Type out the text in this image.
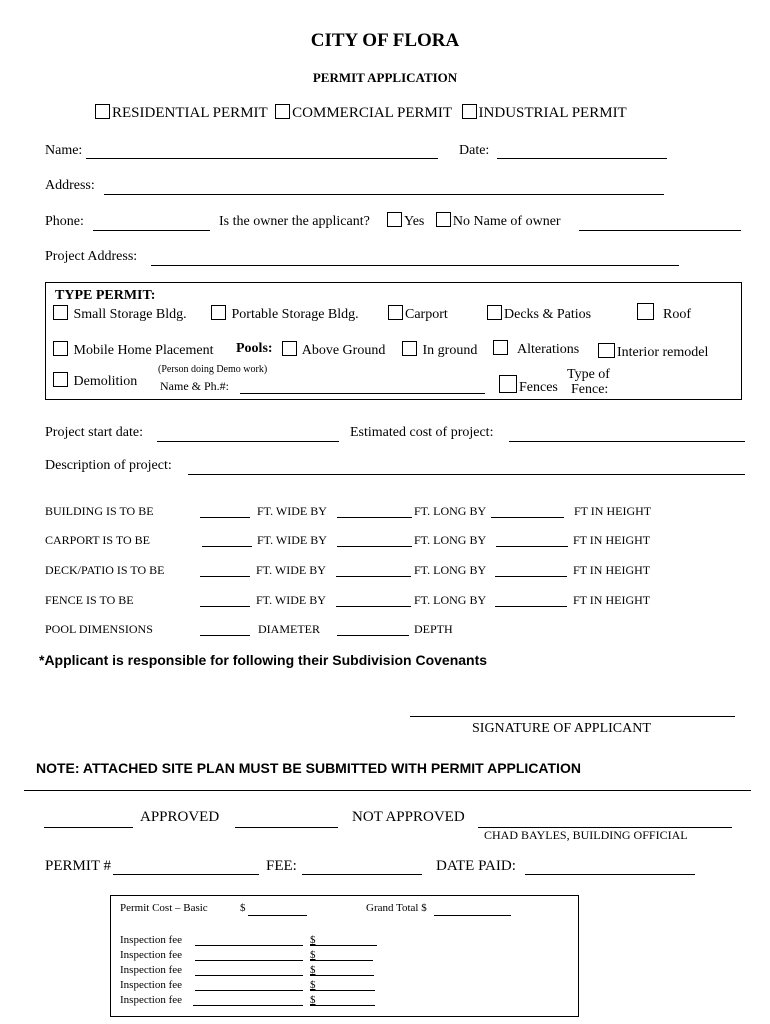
CITY OF FLORA
PERMIT APPLICATION
RESIDENTIAL PERMIT COMMERCIAL PERMIT INDUSTRIAL PERMIT
Name:	Date:
Address:
Phone:	Is the owner the applicant?	Yes No Name of owner
Project Address:
TYPE PERMIT:
Small Storage Bldg.	Portable Storage Bldg.	Carport	Decks & Patios	Roof
Mobile Home Placement Pools:	Above Ground	In ground	Alterations	Interior remodel
Demolition
(Person doing Demo work)
Name & Ph.#:	Fences
Type of
Fence:
Project start date:	Estimated cost of project:
Description of project:
BUILDING IS TO BE	FT. WIDE BY	FT. LONG BY	FT IN HEIGHT
CARPORT IS TO BE	FT. WIDE BY	FT. LONG BY	FT IN HEIGHT
DECK/PATIO IS TO BE	FT. WIDE BY	FT. LONG BY	FT IN HEIGHT
FENCE IS TO BE	FT. WIDE BY	FT. LONG BY	FT IN HEIGHT
POOL DIMENSIONS	DIAMETER	DEPTH
*Applicant is responsible for following their Subdivision Covenants
SIGNATURE OF APPLICANT
NOTE: ATTACHED SITE PLAN MUST BE SUBMITTED WITH PERMIT APPLICATION
APPROVED	NOT APPROVED
CHAD BAYLES, BUILDING OFFICIAL
PERMIT #	FEE:	DATE PAID:
Permit Cost – Basic	$	Grand Total $
Inspection fee	$
Inspection fee	$
Inspection fee	$
Inspection fee	$
Inspection fee	$
